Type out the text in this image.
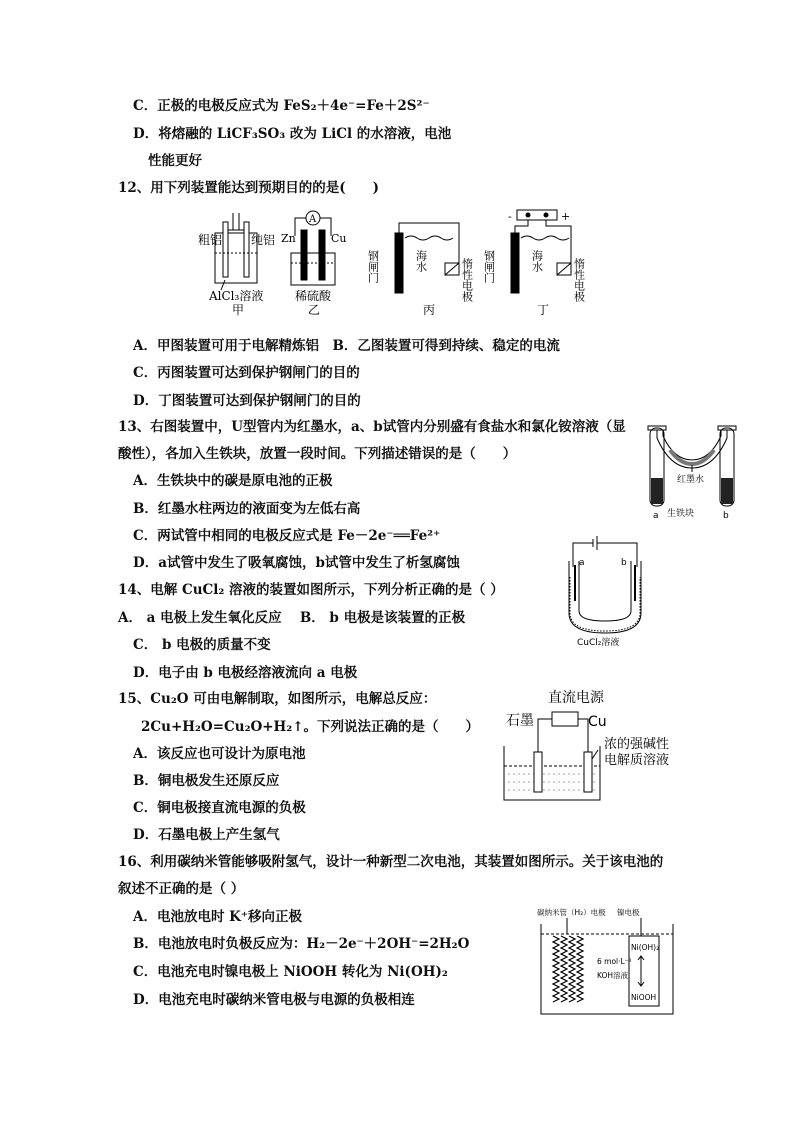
C．正极的电极反应式为 FeS₂＋4e⁻=Fe＋2S²⁻
D．将熔融的 LiCF₃SO₃ 改为 LiCl 的水溶液，电池
性能更好
12、用下列装置能达到预期目的的是(　　)
A．甲图装置可用于电解精炼铝　B．乙图装置可得到持续、稳定的电流
C．丙图装置可达到保护钢闸门的目的
D．丁图装置可达到保护钢闸门的目的
13、右图装置中，U型管内为红墨水，a、b试管内分别盛有食盐水和氯化铵溶液（显
酸性），各加入生铁块，放置一段时间。下列描述错误的是（　　）
A．生铁块中的碳是原电池的正极
B．红墨水柱两边的液面变为左低右高
C．两试管中相同的电极反应式是 Fe－2e⁻══Fe²⁺
D．a试管中发生了吸氧腐蚀，b试管中发生了析氢腐蚀
14、电解 CuCl₂ 溶液的装置如图所示，下列分析正确的是（ ）
A． a 电极上发生氧化反应　 B． b 电极是该装置的正极
C． b 电极的质量不变
D．电子由 b 电极经溶液流向 a 电极
15、Cu₂O 可由电解制取，如图所示，电解总反应：
2Cu+H₂O=Cu₂O+H₂↑。下列说法正确的是（　　）
A．该反应也可设计为原电池
B．铜电极发生还原反应
C．铜电极接直流电源的负极
D．石墨电极上产生氢气
16、利用碳纳米管能够吸附氢气，设计一种新型二次电池，其装置如图所示。关于该电池的
叙述不正确的是（ ）
A．电池放电时 K⁺移向正极
B．电池放电时负极反应为：H₂－2e⁻＋2OH⁻=2H₂O
C．电池充电时镍电极上 NiOOH 转化为 Ni(OH)₂
D．电池充电时碳纳米管电极与电源的负极相连
粗铝 纯铝
AlCl₃溶液
甲
A
Zn	Cu
稀硫酸
乙
钢闸门	海水	惰性电极
丙
-	+
钢闸门	海水	惰性电极
丁
红墨水
生铁块
a	b
a	b
CuCl₂溶液
直流电源
石墨	Cu
浓的强碱性
电解质溶液
碳纳米管（H₂）电极 镍电极
6 mol·L⁻¹
KOH溶液
Ni(OH)₂
NiOOH
